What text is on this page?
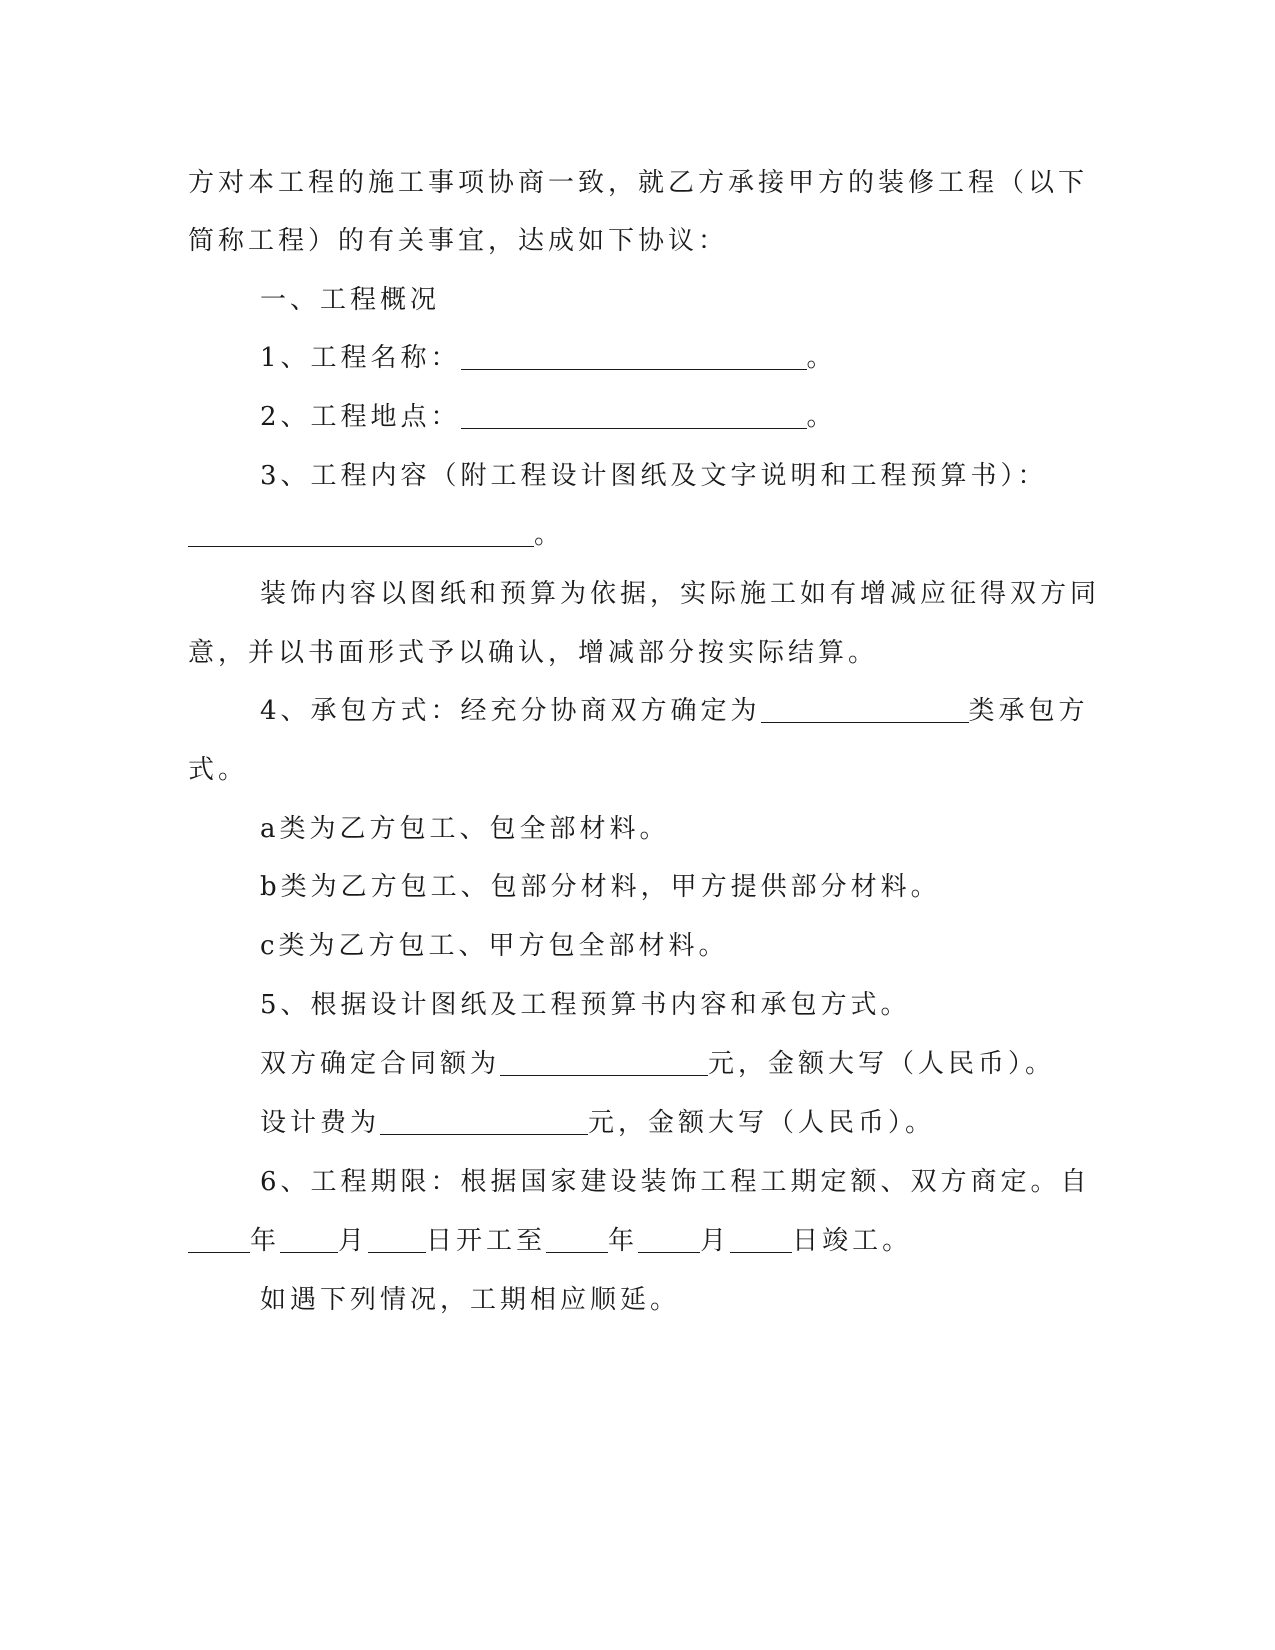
方对本工程的施工事项协商一致，就乙方承接甲方的装修工程（以下
简称工程）的有关事宜，达成如下协议：
一、工程概况
1、工程名称：	。
2、工程地点：	。
3、工程内容（附工程设计图纸及文字说明和工程预算书）：
。
装饰内容以图纸和预算为依据，实际施工如有增减应征得双方同
意，并以书面形式予以确认，增减部分按实际结算。
4、承包方式：经充分协商双方确定为	类承包方
式。
a类为乙方包工、包全部材料。
b类为乙方包工、包部分材料，甲方提供部分材料。
c类为乙方包工、甲方包全部材料。
5、根据设计图纸及工程预算书内容和承包方式。
双方确定合同额为	元，金额大写（人民币）。
设计费为	元，金额大写（人民币）。
6、工程期限：根据国家建设装饰工程工期定额、双方商定。自
年 月 日开工至 年 月 日竣工。
如遇下列情况，工期相应顺延。
